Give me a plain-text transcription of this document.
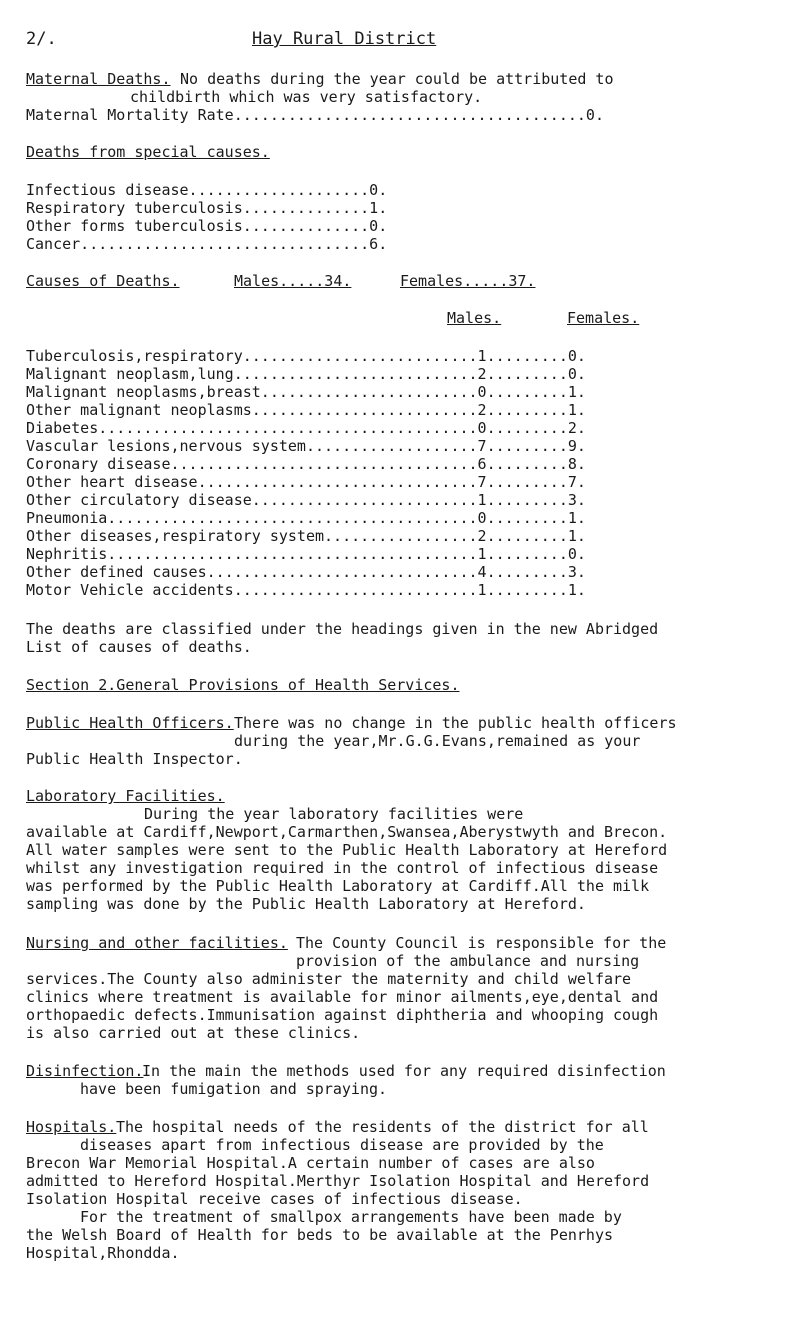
2/.	Hay Rural District
Maternal Deaths. No deaths during the year could be attributed to
childbirth which was very satisfactory.
Maternal Mortality Rate.......................................0.
Deaths from special causes.
Infectious disease....................0.
Respiratory tuberculosis..............1.
Other forms tuberculosis..............0.
Cancer................................6.
Causes of Deaths.	Males.....34.	Females.....37.
Males.	Females.
Tuberculosis,respiratory..........................1.........0.
Malignant neoplasm,lung...........................2.........0.
Malignant neoplasms,breast........................0.........1.
Other malignant neoplasms.........................2.........1.
Diabetes..........................................0.........2.
Vascular lesions,nervous system...................7.........9.
Coronary disease..................................6.........8.
Other heart disease...............................7.........7.
Other circulatory disease.........................1.........3.
Pneumonia.........................................0.........1.
Other diseases,respiratory system.................2.........1.
Nephritis.........................................1.........0.
Other defined causes..............................4.........3.
Motor Vehicle accidents...........................1.........1.
The deaths are classified under the headings given in the new Abridged
List of causes of deaths.
Section 2.General Provisions of Health Services.
Public Health Officers. There was no change in the public health officers
during the year,Mr.G.G.Evans,remained as your
Public Health Inspector.
Laboratory Facilities.
During the year laboratory facilities were
available at Cardiff,Newport,Carmarthen,Swansea,Aberystwyth and Brecon.
All water samples were sent to the Public Health Laboratory at Hereford
whilst any investigation required in the control of infectious disease
was performed by the Public Health Laboratory at Cardiff.All the milk
sampling was done by the Public Health Laboratory at Hereford.
Nursing and other facilities. The County Council is responsible for the
provision of the ambulance and nursing
services.The County also administer the maternity and child welfare
clinics where treatment is available for minor ailments,eye,dental and
orthopaedic defects.Immunisation against diphtheria and whooping cough
is also carried out at these clinics.
Disinfection.
In the main the methods used for any required disinfection
have been fumigation and spraying.
Hospitals. The hospital needs of the residents of the district for all
diseases apart from infectious disease are provided by the
Brecon War Memorial Hospital.A certain number of cases are also
admitted to Hereford Hospital.Merthyr Isolation Hospital and Hereford
Isolation Hospital receive cases of infectious disease.
For the treatment of smallpox arrangements have been made by
the Welsh Board of Health for beds to be available at the Penrhys
Hospital,Rhondda.
